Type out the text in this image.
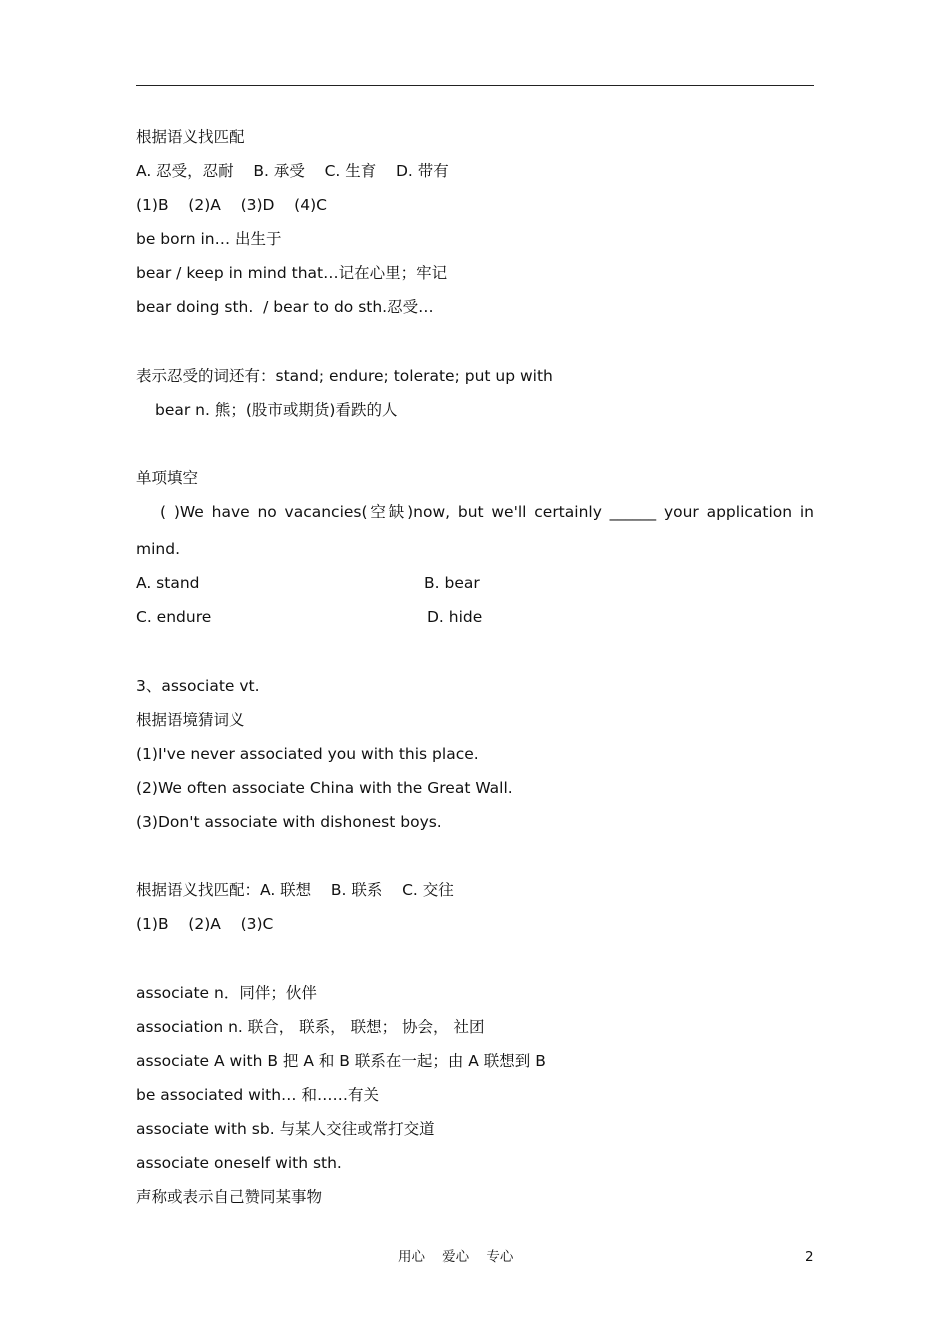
根据语义找匹配
A. 忍受，忍耐    B. 承受    C. 生育    D. 带有
(1)B    (2)A    (3)D    (4)C
be born in… 出生于
bear / keep in mind that…记在心里；牢记
bear doing sth.  / bear to do sth.忍受…
表示忍受的词还有：stand; endure; tolerate; put up with
bear n. 熊；(股市或期货)看跌的人
单项填空
( )We have no vacancies(空缺)now, but we'll certainly ______ your application in
mind.
A. stand	B. bear
C. endure	D. hide
3、associate vt.
根据语境猜词义
(1)I've never associated you with this place.
(2)We often associate China with the Great Wall.
(3)Don't associate with dishonest boys.
根据语义找匹配：A. 联想    B. 联系    C. 交往
(1)B    (2)A    (3)C
associate n．同伴；伙伴
association n. 联合， 联系， 联想； 协会， 社团
associate A with B 把 A 和 B 联系在一起；由 A 联想到 B
be associated with… 和……有关
associate with sb. 与某人交往或常打交道
associate oneself with sth.
声称或表示自己赞同某事物
用心    爱心    专心	2
